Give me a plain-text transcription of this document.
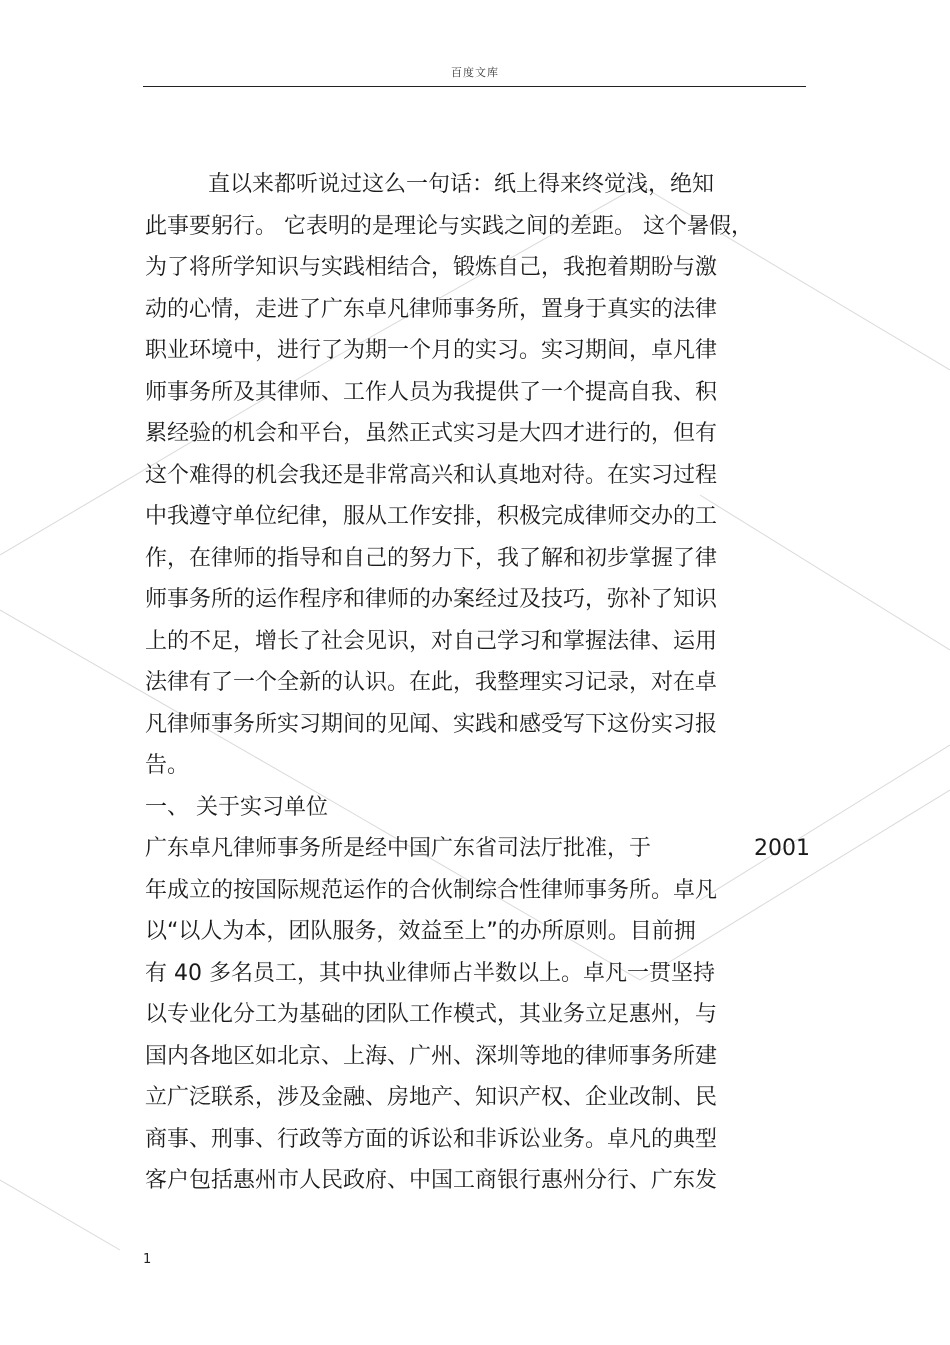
百度文库
直以来都听说过这么一句话：纸上得来终觉浅，绝知
此事要躬行。 它表明的是理论与实践之间的差距。 这个暑假，
为了将所学知识与实践相结合，锻炼自己，我抱着期盼与激
动的心情，走进了广东卓凡律师事务所，置身于真实的法律
职业环境中，进行了为期一个月的实习。实习期间，卓凡律
师事务所及其律师、工作人员为我提供了一个提高自我、积
累经验的机会和平台，虽然正式实习是大四才进行的，但有
这个难得的机会我还是非常高兴和认真地对待。在实习过程
中我遵守单位纪律，服从工作安排，积极完成律师交办的工
作，在律师的指导和自己的努力下，我了解和初步掌握了律
师事务所的运作程序和律师的办案经过及技巧，弥补了知识
上的不足，增长了社会见识，对自己学习和掌握法律、运用
法律有了一个全新的认识。在此，我整理实习记录，对在卓
凡律师事务所实习期间的见闻、实践和感受写下这份实习报
告。
一、 关于实习单位
广东卓凡律师事务所是经中国广东省司法厅批准，于	2001
年成立的按国际规范运作的合伙制综合性律师事务所。卓凡
以“以人为本，团队服务，效益至上”的办所原则。目前拥
有 40 多名员工，其中执业律师占半数以上。卓凡一贯坚持
以专业化分工为基础的团队工作模式，其业务立足惠州，与
国内各地区如北京、上海、广州、深圳等地的律师事务所建
立广泛联系，涉及金融、房地产、知识产权、企业改制、民
商事、刑事、行政等方面的诉讼和非诉讼业务。卓凡的典型
客户包括惠州市人民政府、中国工商银行惠州分行、广东发
1
